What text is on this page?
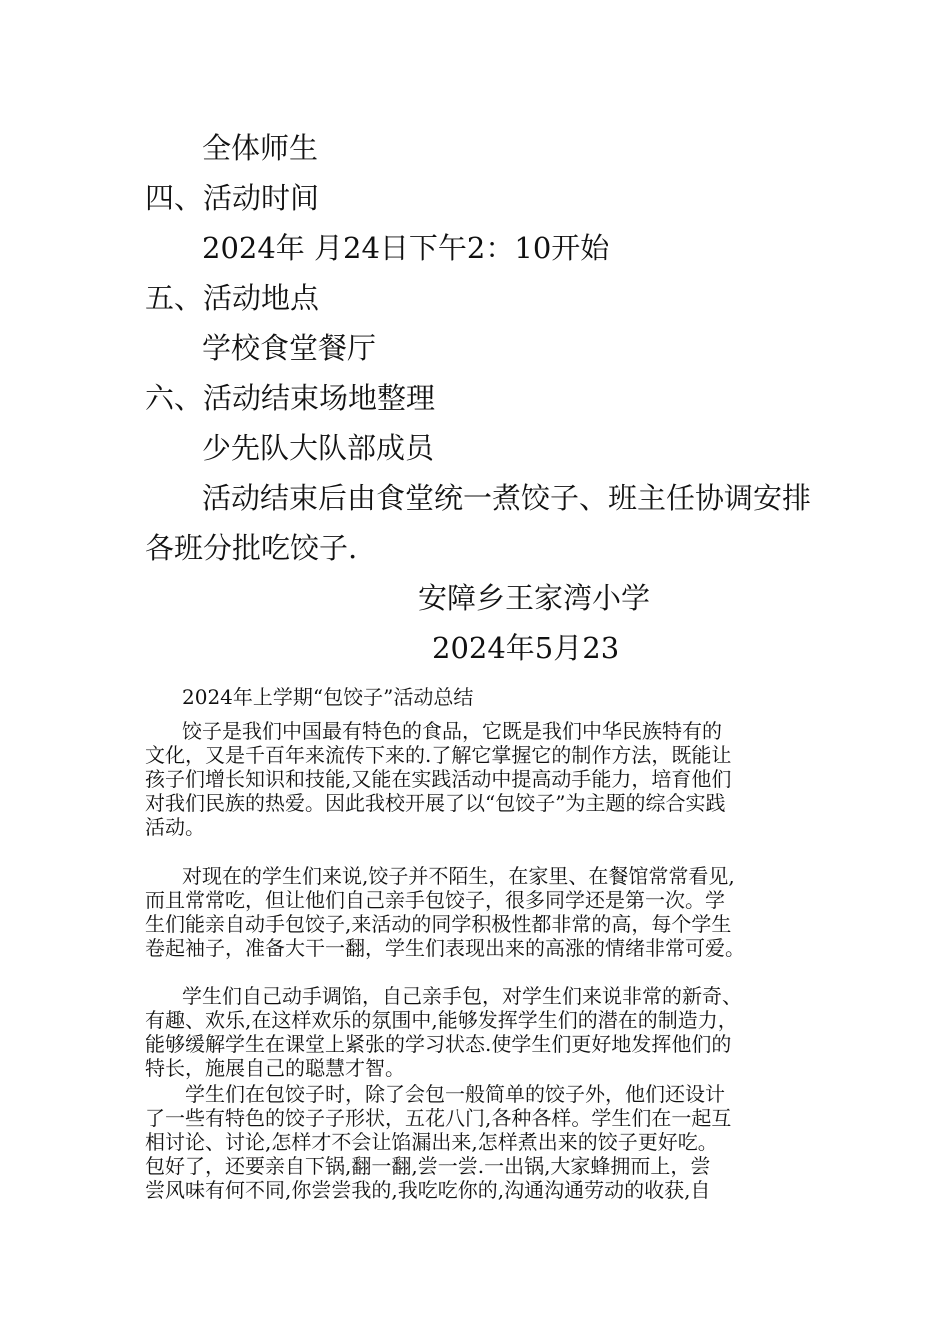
全体师生
四、活动时间
2024年 月24日下午2：10开始
五、活动地点
学校食堂餐厅
六、活动结束场地整理
少先队大队部成员
活动结束后由食堂统一煮饺子、班主任协调安排
各班分批吃饺子.
安障乡王家湾小学
2024年5月23
2024年上学期“包饺子”活动总结
饺子是我们中国最有特色的食品，它既是我们中华民族特有的
文化，又是千百年来流传下来的.了解它掌握它的制作方法，既能让
孩子们增长知识和技能,又能在实践活动中提高动手能力，培育他们
对我们民族的热爱。因此我校开展了以“包饺子”为主题的综合实践
活动。
对现在的学生们来说,饺子并不陌生，在家里、在餐馆常常看见,
而且常常吃，但让他们自己亲手包饺子，很多同学还是第一次。学
生们能亲自动手包饺子,来活动的同学积极性都非常的高，每个学生
卷起袖子，准备大干一翻，学生们表现出来的高涨的情绪非常可爱。
学生们自己动手调馅，自己亲手包，对学生们来说非常的新奇、
有趣、欢乐,在这样欢乐的氛围中,能够发挥学生们的潜在的制造力，
能够缓解学生在课堂上紧张的学习状态.使学生们更好地发挥他们的
特长，施展自己的聪慧才智。
学生们在包饺子时，除了会包一般简单的饺子外，他们还设计
了一些有特色的饺子子形状，五花八门,各种各样。学生们在一起互
相讨论、讨论,怎样才不会让馅漏出来,怎样煮出来的饺子更好吃。
包好了，还要亲自下锅,翻一翻,尝一尝.一出锅,大家蜂拥而上，尝
尝风味有何不同,你尝尝我的,我吃吃你的,沟通沟通劳动的收获,自
